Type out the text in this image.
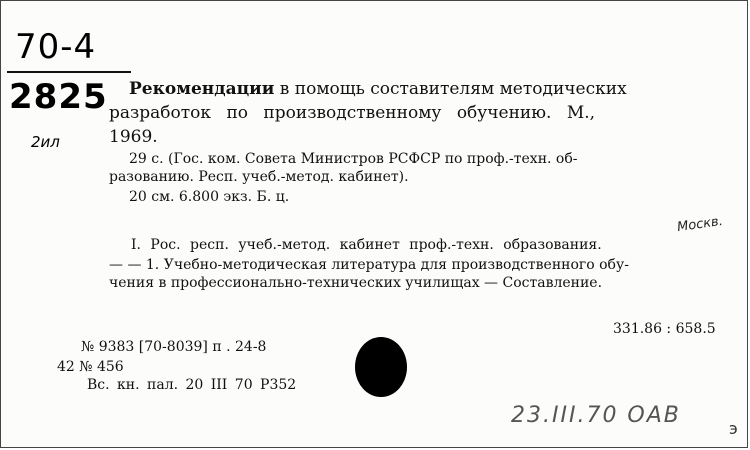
70-4
2825
2ил
Москв.
Рекомендации в помощь составителям методических
разработок по производственному обучению. М.,
1969.
29 с. (Гос. ком. Совета Министров РСФСР по проф.-техн. об-
разованию. Респ. учеб.-метод. кабинет).
20 см. 6.800 экз. Б. ц.
I. Рос. респ. учеб.-метод. кабинет проф.-техн. образования.
— — 1. Учебно-методическая литература для производственного обу-
чения в профессионально-технических училищах — Составление.
331.86 : 658.5
№ 9383 [70-8039] п . 24-8
42 № 456
Вс. кн. пал. 20 III 70 Р352
23.III.70 ОАВ
э
